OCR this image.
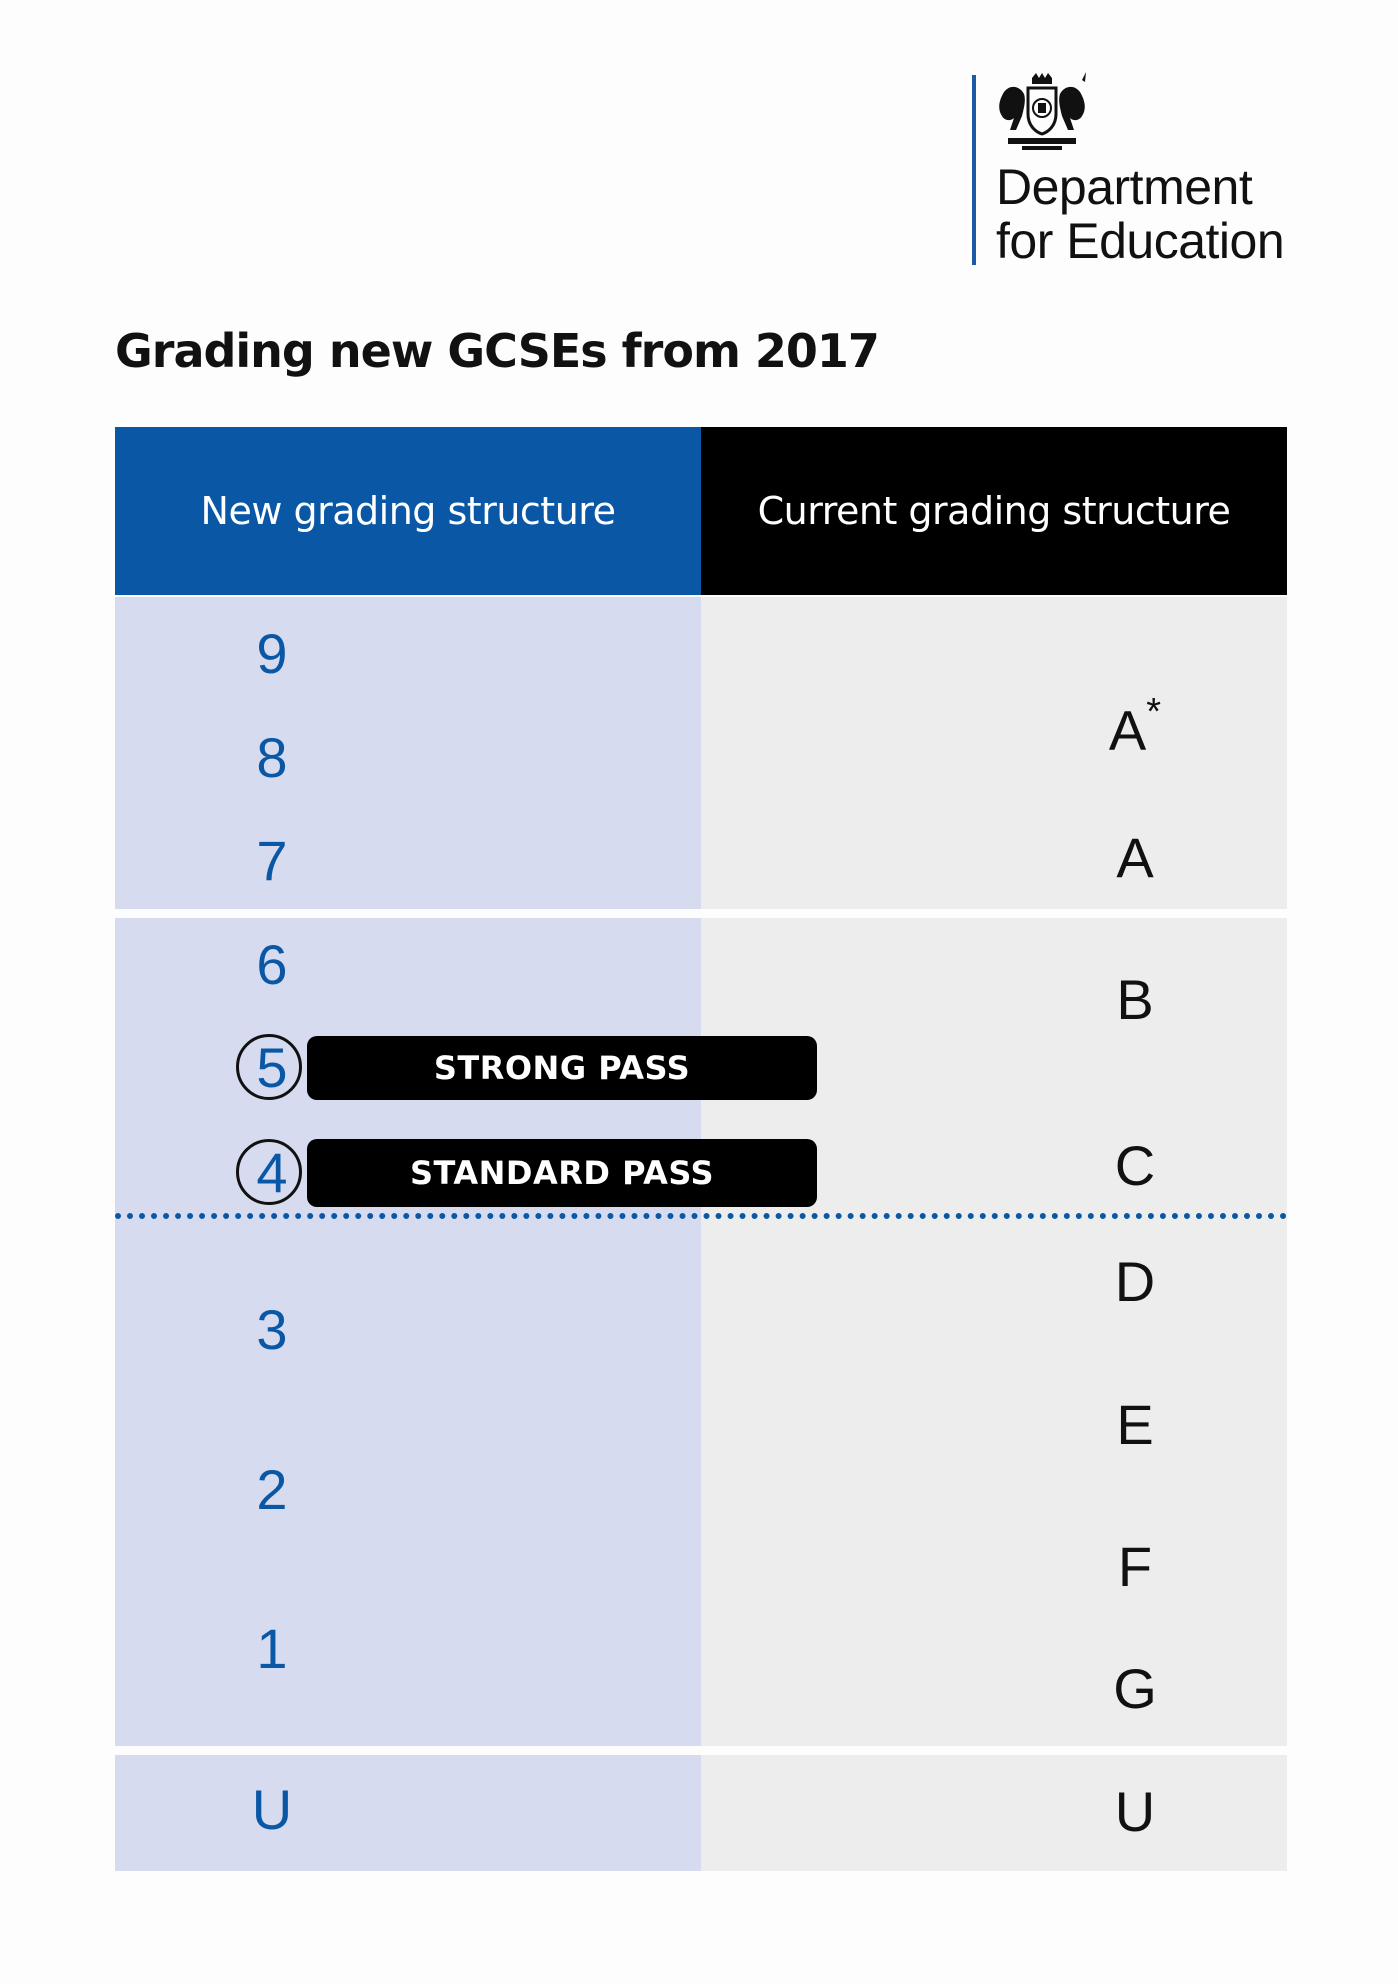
Department
for Education
Grading new GCSEs from 2017
New grading structure	Current grading structure
9
8
7
6
5
4
3
2
1
U
STRONG PASS
STANDARD PASS
A*
A
B
C
D
E
F
G
U
